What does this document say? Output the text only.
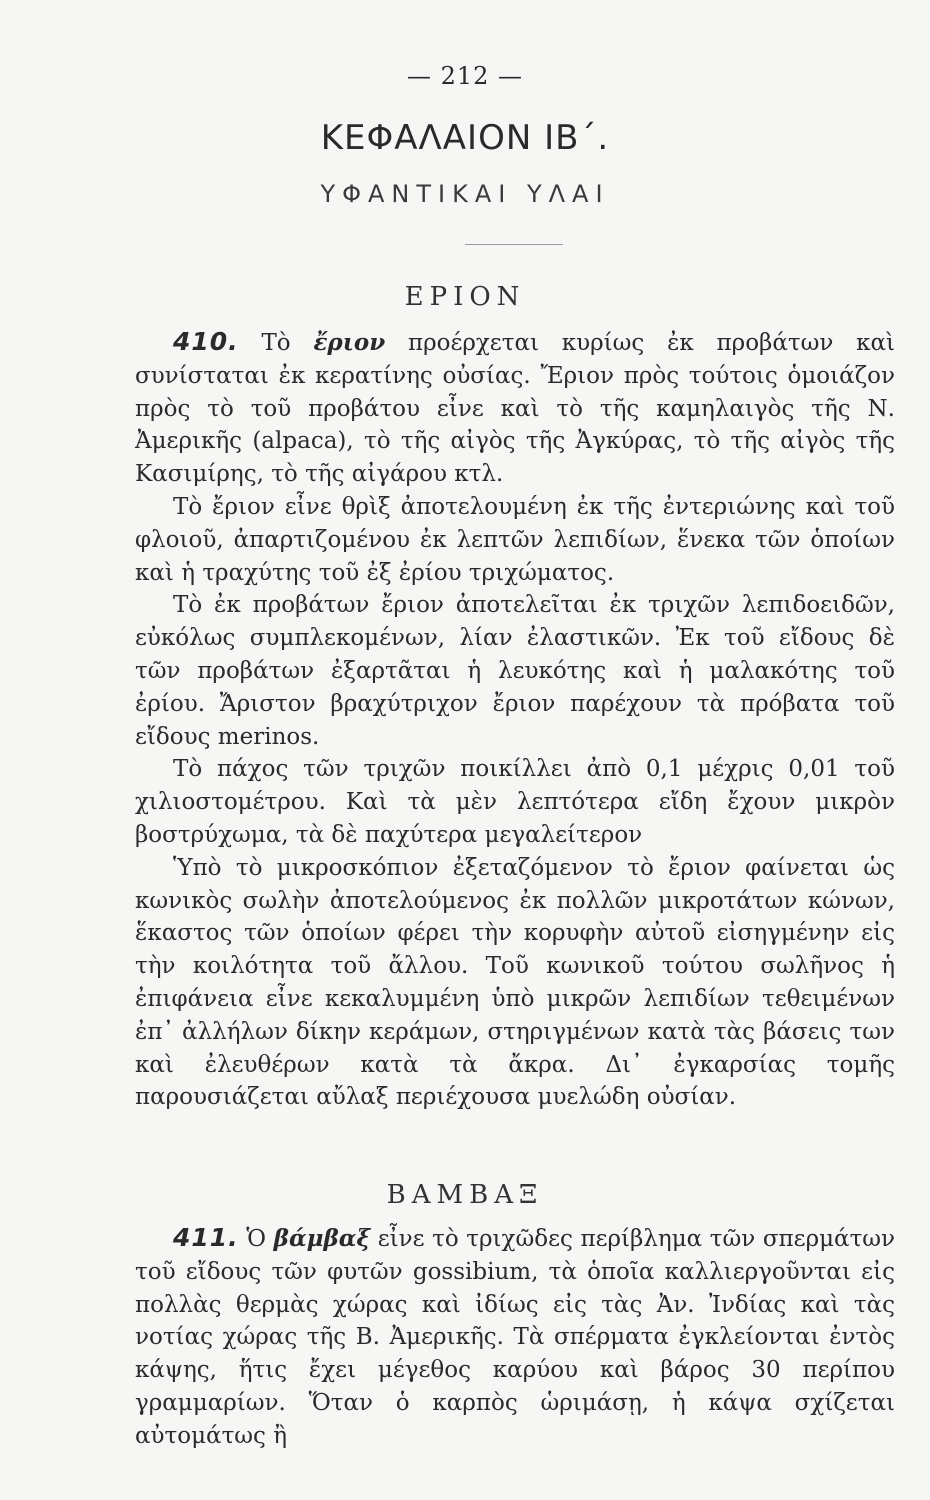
— 212 —
ΚΕΦΑΛΑΙΟΝ ΙΒ΄.
ΥΦΑΝΤΙΚΑΙ ΥΛΑΙ
ΕΡΙΟΝ

410. Τὸ ἔριον προέρχεται κυρίως ἐκ προβάτων καὶ συνίσταται ἐκ κερατίνης οὐσίας. Ἔριον πρὸς τούτοις ὁμοιάζον πρὸς τὸ τοῦ προβάτου εἶνε καὶ τὸ τῆς καμηλαιγὸς τῆς Ν. Ἀμερικῆς (alpaca), τὸ τῆς αἰγὸς τῆς Ἀγκύρας, τὸ τῆς αἰγὸς τῆς Κασιμίρης, τὸ τῆς αἰγάρου κτλ.

Τὸ ἔριον εἶνε θρὶξ ἀποτελουμένη ἐκ τῆς ἐντεριώνης καὶ τοῦ φλοιοῦ, ἀπαρτιζομένου ἐκ λεπτῶν λεπιδίων, ἕνεκα τῶν ὁποίων καὶ ἡ τραχύτης τοῦ ἐξ ἐρίου τριχώματος.

Τὸ ἐκ προβάτων ἔριον ἀποτελεῖται ἐκ τριχῶν λεπιδοειδῶν, εὐκόλως συμπλεκομένων, λίαν ἐλαστικῶν. Ἐκ τοῦ εἴδους δὲ τῶν προβάτων ἐξαρτᾶται ἡ λευκότης καὶ ἡ μαλακότης τοῦ ἐρίου. Ἄριστον βραχύτριχον ἔριον παρέχουν τὰ πρόβατα τοῦ εἴδους merinos.

Τὸ πάχος τῶν τριχῶν ποικίλλει ἀπὸ 0,1 μέχρις 0,01 τοῦ χιλιοστομέτρου. Καὶ τὰ μὲν λεπτότερα εἴδη ἔχουν μικρὸν βοστρύχωμα, τὰ δὲ παχύτερα μεγαλείτερον

Ὑπὸ τὸ μικροσκόπιον ἐξεταζόμενον τὸ ἔριον φαίνεται ὡς κωνικὸς σωλὴν ἀποτελούμενος ἐκ πολλῶν μικροτάτων κώνων, ἕκαστος τῶν ὁποίων φέρει τὴν κορυφὴν αὐτοῦ εἰσηγμένην εἰς τὴν κοιλότητα τοῦ ἄλλου. Τοῦ κωνικοῦ τούτου σωλῆνος ἡ ἐπιφάνεια εἶνε κεκαλυμμένη ὑπὸ μικρῶν λεπιδίων τεθειμένων ἐπ᾿ ἀλλήλων δίκην κεράμων, στηριγμένων κατὰ τὰς βάσεις των καὶ ἐλευθέρων κατὰ τὰ ἄκρα. Δι᾿ ἐγκαρσίας τομῆς παρουσιάζεται αὔλαξ περιέχουσα μυελώδη οὐσίαν.

ΒΑΜΒΑΞ

411. Ὁ βάμβαξ εἶνε τὸ τριχῶδες περίβλημα τῶν σπερμάτων τοῦ εἴδους τῶν φυτῶν gossibium, τὰ ὁποῖα καλλιεργοῦνται εἰς πολλὰς θερμὰς χώρας καὶ ἰδίως εἰς τὰς Ἀν. Ἰνδίας καὶ τὰς νοτίας χώρας τῆς Β. Ἀμερικῆς. Τὰ σπέρματα ἐγκλείονται ἐντὸς κάψης, ἥτις ἔχει μέγεθος καρύου καὶ βάρος 30 περίπου γραμμαρίων. Ὅταν ὁ καρπὸς ὡριμάσῃ, ἡ κάψα σχίζεται αὐτομάτως ἢ
